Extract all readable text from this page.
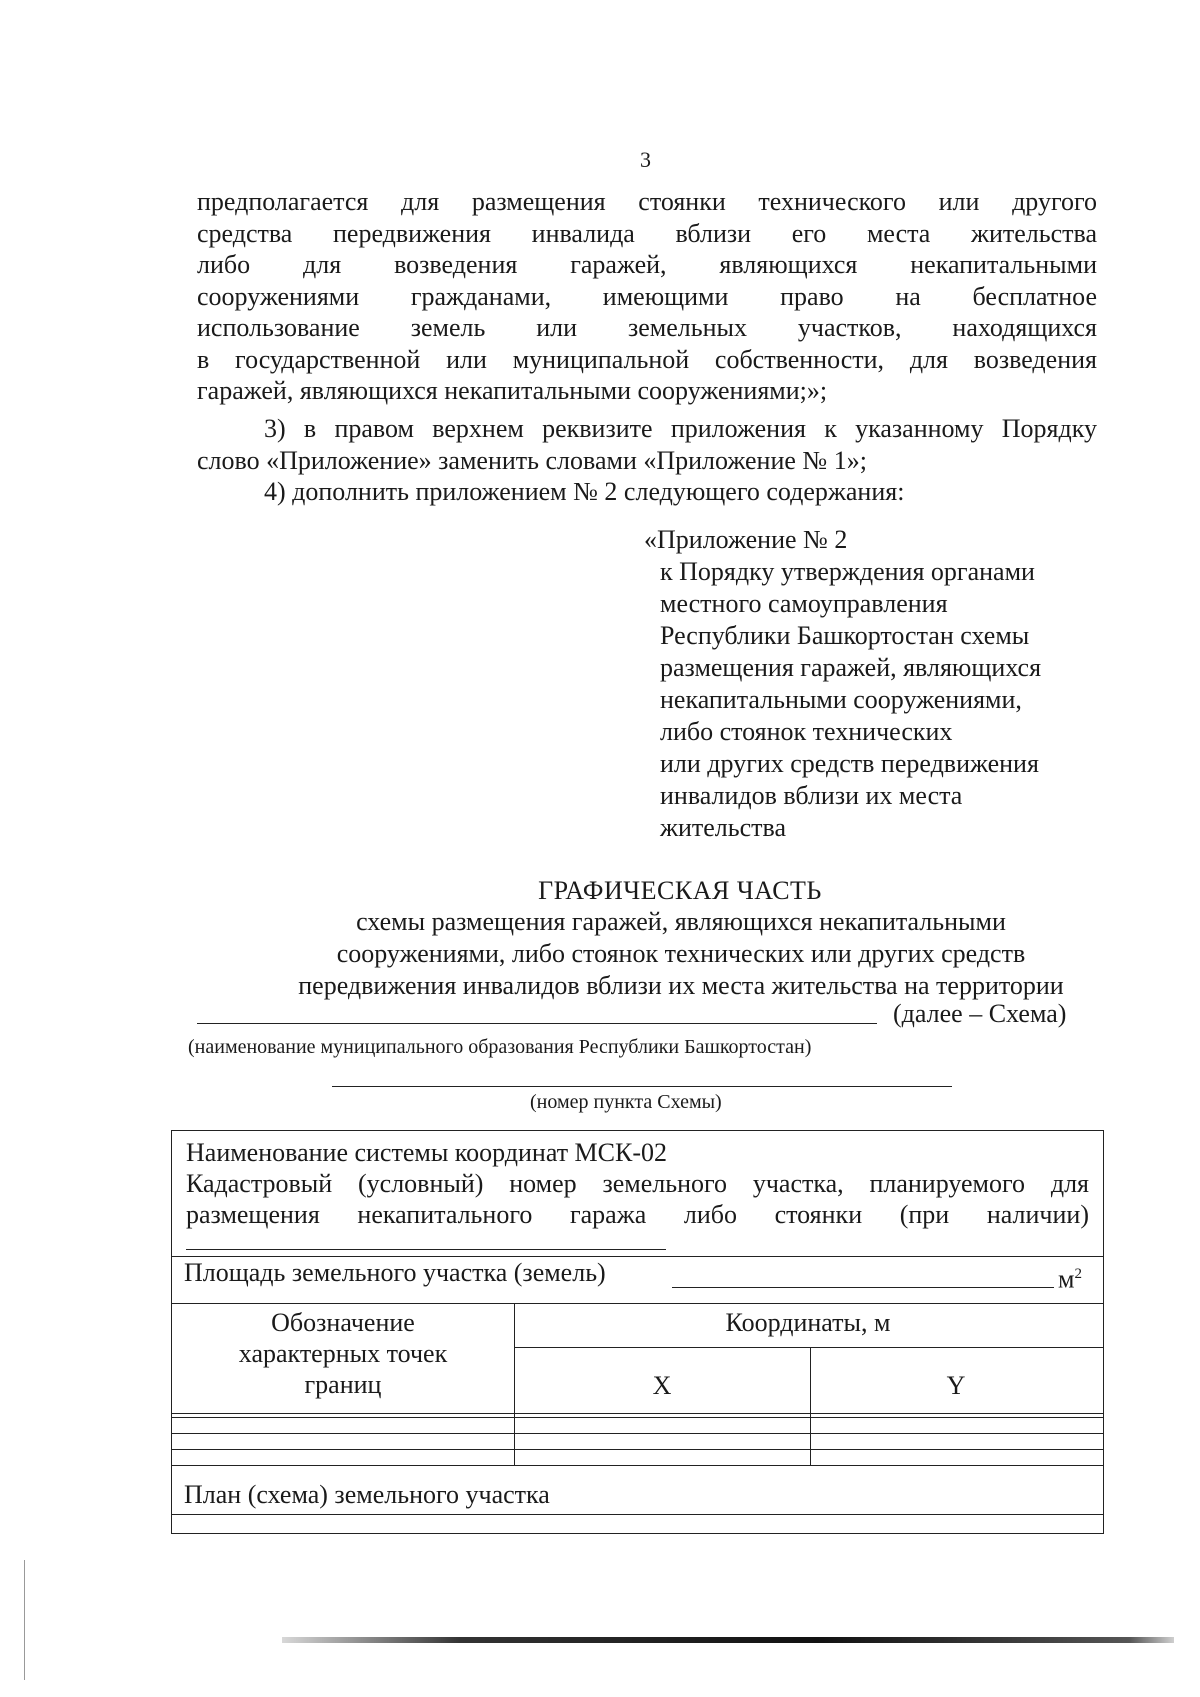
3

предполагается для размещения стоянки технического или другого
средства передвижения инвалида вблизи его места жительства
либо для возведения гаражей, являющихся некапитальными
сооружениями гражданами, имеющими право на бесплатное
использование земель или земельных участков, находящихся
в государственной или муниципальной собственности, для возведения
гаражей, являющихся некапитальными сооружениями;»;

3) в правом верхнем реквизите приложения к указанному Порядку
слово «Приложение» заменить словами «Приложение № 1»;

4) дополнить приложением № 2 следующего содержания:

«Приложение № 2
к Порядку утверждения органами
местного самоуправления
Республики Башкортостан схемы
размещения гаражей, являющихся
некапитальными сооружениями,
либо стоянок технических
или других средств передвижения
инвалидов вблизи их места
жительства
ГРАФИЧЕСКАЯ ЧАСТЬ
схемы размещения гаражей, являющихся некапитальными
сооружениями, либо стоянок технических или других средств
передвижения инвалидов вблизи их места жительства на территории
(далее – Схема)
(наименование муниципального образования Республики Башкортостан)
(номер пункта Схемы)
Наименование системы координат МСК-02
Кадастровый (условный) номер земельного участка, планируемого для
размещения некапитального гаража либо стоянки (при наличии)
Площадь земельного участка (земель)	$м^2$
Обозначение
характерных точек
границ
Координаты, м
X	Y
План (схема) земельного участка
